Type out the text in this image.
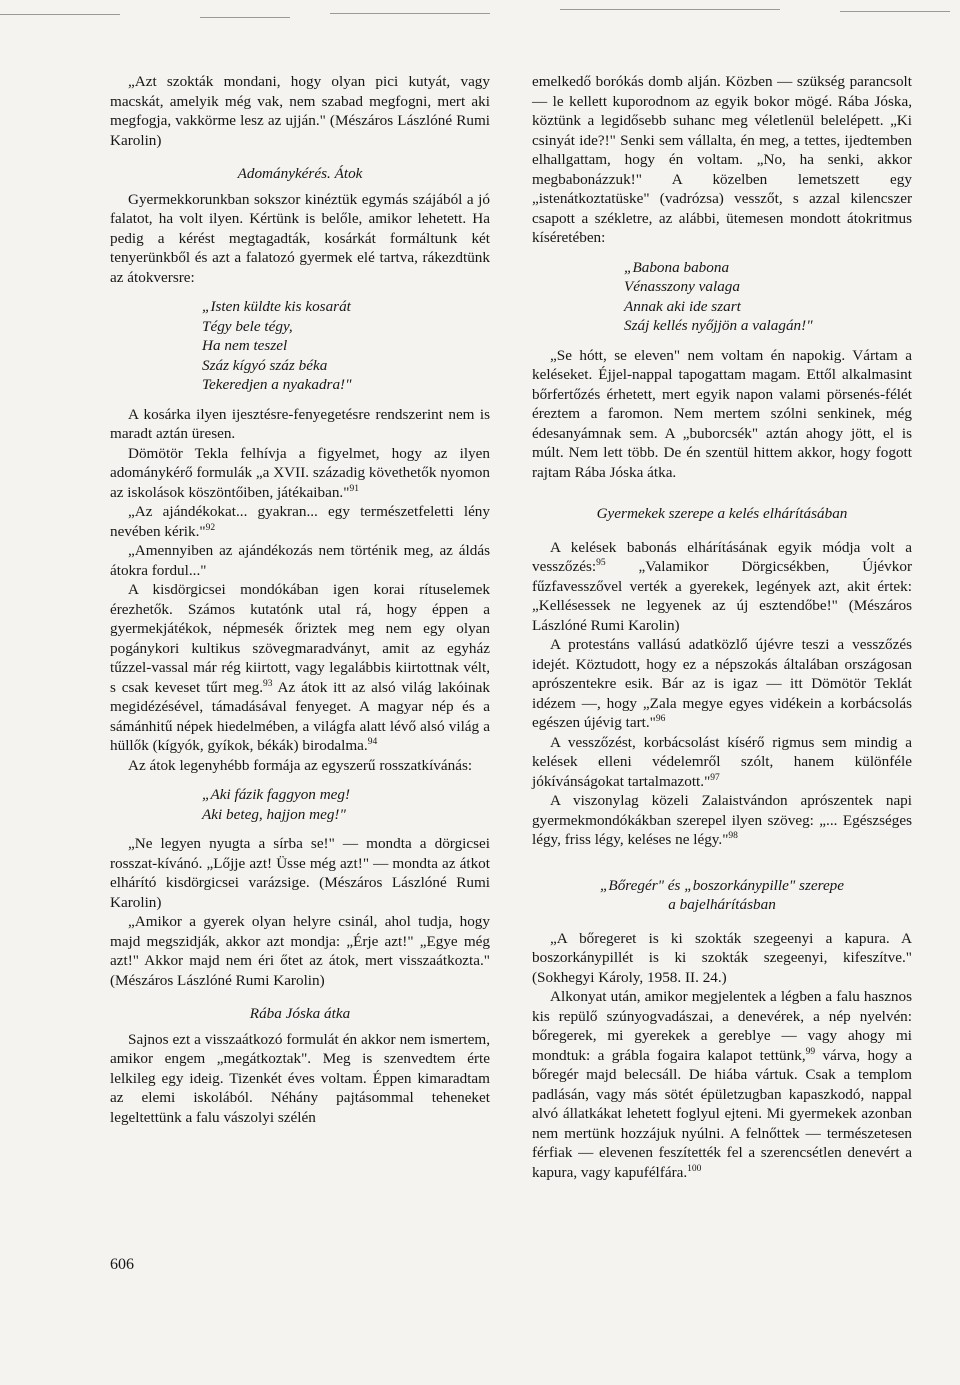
„Azt szokták mondani, hogy olyan pici kutyát, vagy macskát, amelyik még vak, nem szabad megfogni, mert aki megfogja, vakkörme lesz az ujján." (Mészáros Lászlóné Rumi Karolin)

Adománykérés. Átok

Gyermekkorunkban sokszor kinéztük egymás szájából a jó falatot, ha volt ilyen. Kértünk is belőle, amikor lehetett. Ha pedig a kérést megtagadták, kosárkát formáltunk két tenyerünkből és azt a falatozó gyermek elé tartva, rákezdtünk az átokversre:

„Isten küldte kis kosarát
Tégy bele tégy,
Ha nem teszel
Száz kígyó száz béka
Tekeredjen a nyakadra!"

A kosárka ilyen ijesztésre-fenyegetésre rendszerint nem is maradt aztán üresen.

Dömötör Tekla felhívja a figyelmet, hogy az ilyen adománykérő formulák „a XVII. századig követhetők nyomon az iskolások köszöntőiben, játékaiban."$^{91}$

„Az ajándékokat... gyakran... egy természetfeletti lény nevében kérik."$^{92}$

„Amennyiben az ajándékozás nem történik meg, az áldás átokra fordul..."

A kisdörgicsei mondókában igen korai rítuselemek érezhetők. Számos kutatónk utal rá, hogy éppen a gyermekjátékok, népmesék őriztek meg nem egy olyan pogánykori kultikus szövegmaradványt, amit az egyház tűzzel-vassal már rég kiirtott, vagy legalábbis kiirtottnak vélt, s csak keveset tűrt meg.$^{93}$ Az átok itt az alsó világ lakóinak megidézésével, támadásával fenyeget. A magyar nép és a sámánhitű népek hiedelmében, a világfa alatt lévő alsó világ a hüllők (kígyók, gyíkok, békák) birodalma.$^{94}$

Az átok legenyhébb formája az egyszerű rosszatkívánás:

„Aki fázik faggyon meg!
Aki beteg, hajjon meg!"

„Ne legyen nyugta a sírba se!" — mondta a dörgicsei rosszat-kívánó. „Lőjje azt! Üsse még azt!" — mondta az átkot elhárító kisdörgicsei varázsige. (Mészáros Lászlóné Rumi Karolin)

„Amikor a gyerek olyan helyre csinál, ahol tudja, hogy majd megszidják, akkor azt mondja: „Érje azt!" „Egye még azt!" Akkor majd nem éri őtet az átok, mert visszaátkozta." (Mészáros Lászlóné Rumi Karolin)

Rába Jóska átka

Sajnos ezt a visszaátkozó formulát én akkor nem ismertem, amikor engem „megátkoztak". Meg is szenvedtem érte lelkileg egy ideig. Tizenkét éves voltam. Éppen kimaradtam az elemi iskolából. Néhány pajtásommal teheneket legeltettünk a falu vászolyi szélén

emelkedő borókás domb alján. Közben — szükség parancsolt — le kellett kuporodnom az egyik bokor mögé. Rába Jóska, köztünk a legidősebb suhanc meg véletlenül belelépett. „Ki csinyát ide?!" Senki sem vállalta, én meg, a tettes, ijedtemben elhallgattam, hogy én voltam. „No, ha senki, akkor megbabonázzuk!" A közelben lemetszett egy „istenátkoztatüske" (vadrózsa) vesszőt, s azzal kilencszer csapott a székletre, az alábbi, ütemesen mondott átokritmus kíséretében:

„Babona babona
Vénasszony valaga
Annak aki ide szart
Száj kellés nyőjjön a valagán!"

„Se hótt, se eleven" nem voltam én napokig. Vártam a keléseket. Éjjel-nappal tapogattam magam. Ettől alkalmasint bőrfertőzés érhetett, mert egyik napon valami pörsenés-félét éreztem a faromon. Nem mertem szólni senkinek, még édesanyámnak sem. A „buborcsék" aztán ahogy jött, el is múlt. Nem lett több. De én szentül hittem akkor, hogy fogott rajtam Rába Jóska átka.

Gyermekek szerepe a kelés elhárításában

A kelések babonás elhárításának egyik módja volt a vesszőzés:$^{95}$ „Valamikor Dörgicsékben, Újévkor fűzfavesszővel verték a gyerekek, legények azt, akit értek: „Kellésessek ne legyenek az új esztendőbe!" (Mészáros Lászlóné Rumi Karolin)

A protestáns vallású adatközlő újévre teszi a vesszőzés idejét. Köztudott, hogy ez a népszokás általában országosan aprószentekre esik. Bár az is igaz — itt Dömötör Teklát idézem —, hogy „Zala megye egyes vidékein a korbácsolás egészen újévig tart."$^{96}$

A vesszőzést, korbácsolást kísérő rigmus sem mindig a kelések elleni védelemről szólt, hanem különféle jókívánságokat tartalmazott."$^{97}$

A viszonylag közeli Zalaistvándon aprószentek napi gyermekmondókákban szerepel ilyen szöveg: „... Egészséges légy, friss légy, keléses ne légy."$^{98}$

„Bőregér" és „boszorkánypille" szerepe
a bajelhárításban

„A bőregeret is ki szokták szegeenyi a kapura. A boszorkánypillét is ki szokták szegeenyi, kifeszítve." (Sokhegyi Károly, 1958. II. 24.)

Alkonyat után, amikor megjelentek a légben a falu hasznos kis repülő szúnyogvadászai, a denevérek, a nép nyelvén: bőregerek, mi gyerekek a gereblye — vagy ahogy mi mondtuk: a grábla fogaira kalapot tettünk,$^{99}$ várva, hogy a bőregér majd belecsáll. De hiába vártuk. Csak a templom padlásán, vagy más sötét épületzugban kapaszkodó, nappal alvó állatkákat lehetett foglyul ejteni. Mi gyermekek azonban nem mertünk hozzájuk nyúlni. A felnőttek — természetesen férfiak — elevenen feszítették fel a szerencsétlen denevért a kapura, vagy kapufélfára.$^{100}$

606
